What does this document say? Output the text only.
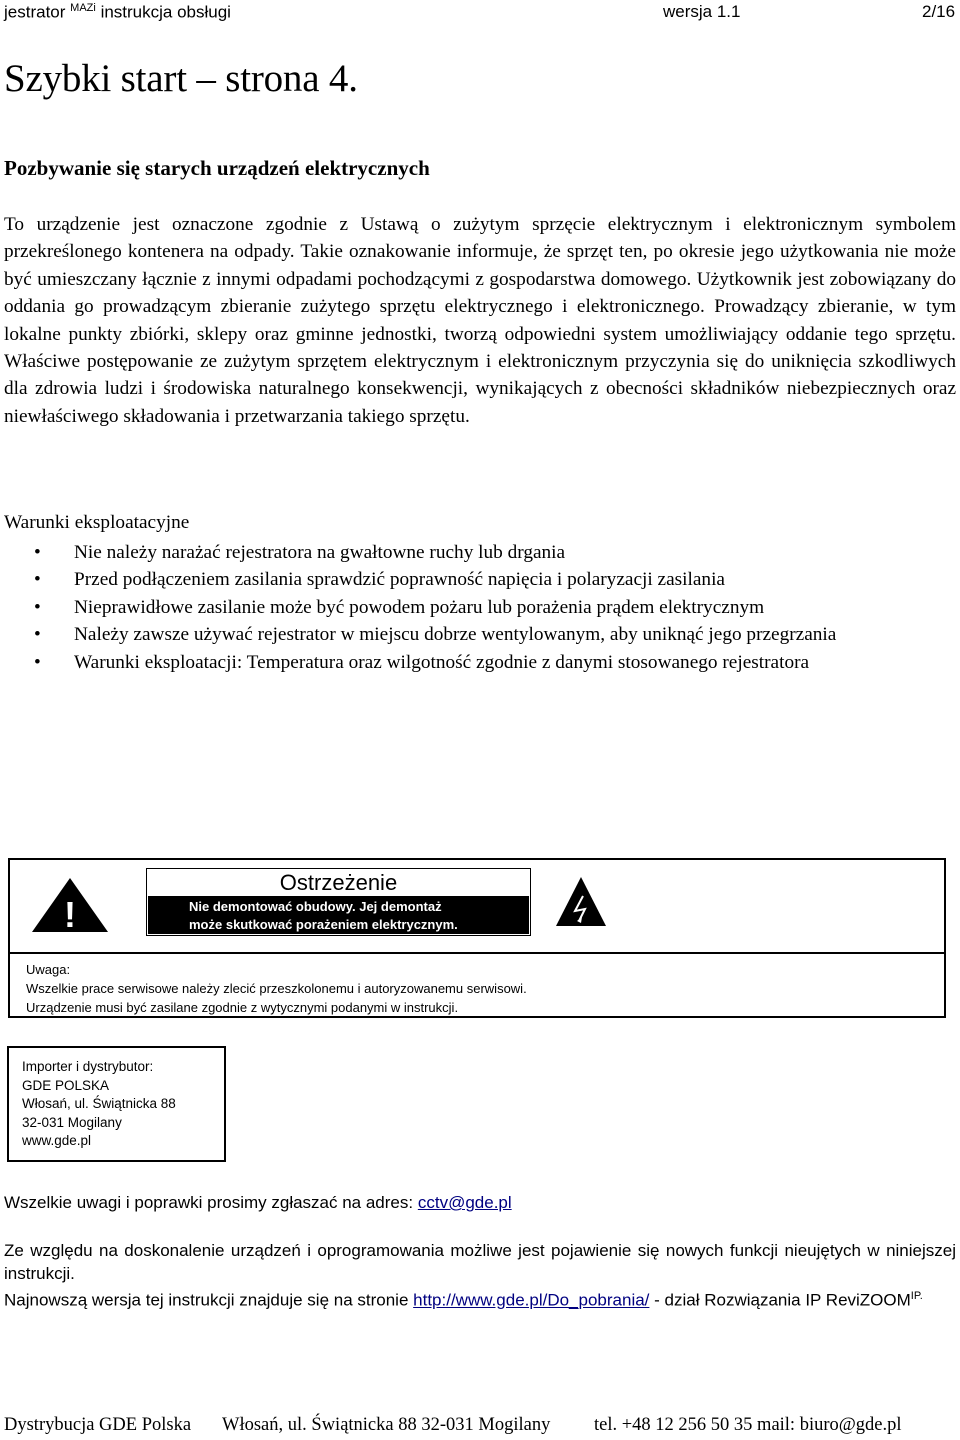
jestrator $^{MAZi}$ instrukcja obsługi	wersja 1.1	2/16
Szybki start – strona 4.
Pozbywanie się starych urządzeń elektrycznych
To urządzenie jest oznaczone zgodnie z Ustawą o zużytym sprzęcie elektrycznym i elektronicznym symbolem przekreślonego kontenera na odpady. Takie oznakowanie informuje, że sprzęt ten, po okresie jego użytkowania nie może być umieszczany łącznie z innymi odpadami pochodzącymi z gospodarstwa domowego. Użytkownik jest zobowiązany do oddania go prowadzącym zbieranie zużytego sprzętu elektrycznego i elektronicznego. Prowadzący zbieranie, w tym lokalne punkty zbiórki, sklepy oraz gminne jednostki, tworzą odpowiedni system umożliwiający oddanie tego sprzętu. Właściwe postępowanie ze zużytym sprzętem elektrycznym i elektronicznym przyczynia się do uniknięcia szkodliwych dla zdrowia ludzi i środowiska naturalnego konsekwencji, wynikających z obecności składników niebezpiecznych oraz niewłaściwego składowania i przetwarzania takiego sprzętu.
Warunki eksploatacyjne
• Nie należy narażać rejestratora na gwałtowne ruchy lub drgania
• Przed podłączeniem zasilania sprawdzić poprawność napięcia i polaryzacji zasilania
• Nieprawidłowe zasilanie może być powodem pożaru lub porażenia prądem elektrycznym
• Należy zawsze używać rejestrator w miejscu dobrze wentylowanym, aby uniknąć jego przegrzania
• Warunki eksploatacji: Temperatura oraz wilgotność zgodnie z danymi stosowanego rejestratora
!
Ostrzeżenie
Nie demontować obudowy. Jej demontaż
może skutkować porażeniem elektrycznym.
Uwaga:
Wszelkie prace serwisowe należy zlecić przeszkolonemu i autoryzowanemu serwisowi.
Urządzenie musi być zasilane zgodnie z wytycznymi podanymi w instrukcji.
Importer i dystrybutor:
GDE POLSKA
Włosań, ul. Świątnicka 88
32-031 Mogilany
www.gde.pl
Wszelkie uwagi i poprawki prosimy zgłaszać na adres: cctv@gde.pl
Ze względu na doskonalenie urządzeń i oprogramowania możliwe jest pojawienie się nowych funkcji nieujętych w niniejszej instrukcji.
Najnowszą wersja tej instrukcji znajduje się na stronie http://www.gde.pl/Do_pobrania/ - dział Rozwiązania IP ReviZOOM$^{IP.}$
Dystrybucja GDE Polska Włosań, ul. Świątnicka 88 32-031 Mogilany tel. +48 12 256 50 35 mail: biuro@gde.pl
